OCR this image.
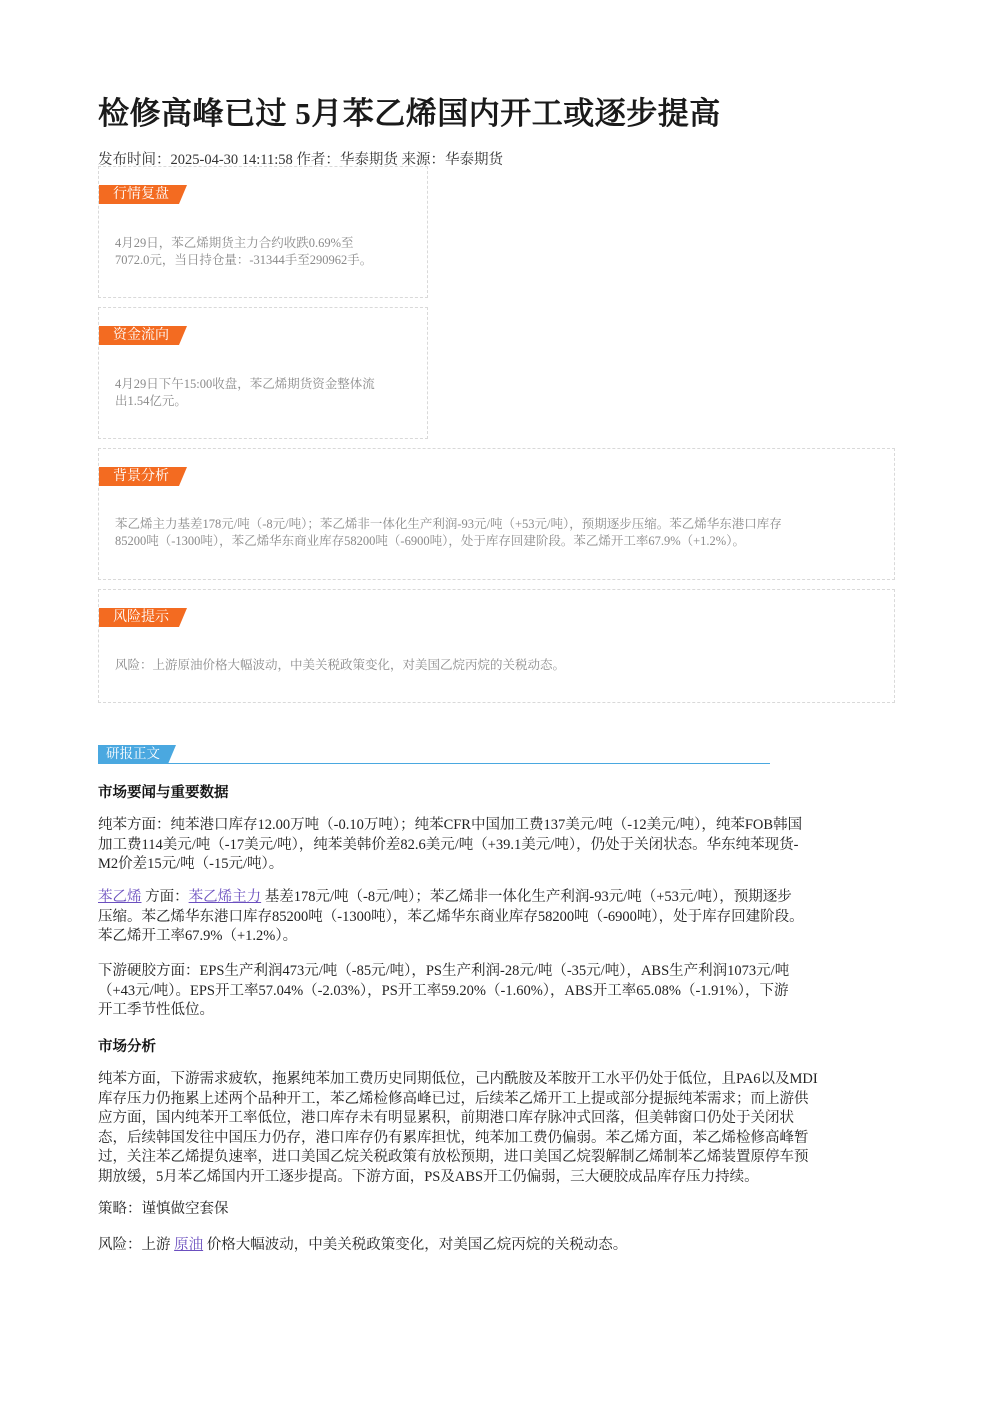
检修高峰已过 5月苯乙烯国内开工或逐步提高
发布时间：2025-04-30 14:11:58 作者：华泰期货 来源：华泰期货
行情复盘
4月29日，苯乙烯期货主力合约收跌0.69%至
7072.0元，当日持仓量：-31344手至290962手。
资金流向
4月29日下午15:00收盘，苯乙烯期货资金整体流
出1.54亿元。
背景分析
苯乙烯主力基差178元/吨（-8元/吨）；苯乙烯非一体化生产利润-93元/吨（+53元/吨），预期逐步压缩。苯乙烯华东港口库存
85200吨（-1300吨），苯乙烯华东商业库存58200吨（-6900吨），处于库存回建阶段。苯乙烯开工率67.9%（+1.2%）。
风险提示
风险：上游原油价格大幅波动，中美关税政策变化，对美国乙烷丙烷的关税动态。
研报正文
市场要闻与重要数据
纯苯方面：纯苯港口库存12.00万吨（-0.10万吨）；纯苯CFR中国加工费137美元/吨（-12美元/吨），纯苯FOB韩国
加工费114美元/吨（-17美元/吨），纯苯美韩价差82.6美元/吨（+39.1美元/吨），仍处于关闭状态。华东纯苯现货-
M2价差15元/吨（-15元/吨）。
苯乙烯 方面：苯乙烯主力 基差178元/吨（-8元/吨）；苯乙烯非一体化生产利润-93元/吨（+53元/吨），预期逐步
压缩。苯乙烯华东港口库存85200吨（-1300吨），苯乙烯华东商业库存58200吨（-6900吨），处于库存回建阶段。
苯乙烯开工率67.9%（+1.2%）。
下游硬胶方面：EPS生产利润473元/吨（-85元/吨），PS生产利润-28元/吨（-35元/吨），ABS生产利润1073元/吨
（+43元/吨）。EPS开工率57.04%（-2.03%），PS开工率59.20%（-1.60%），ABS开工率65.08%（-1.91%），下游
开工季节性低位。
市场分析
纯苯方面，下游需求疲软，拖累纯苯加工费历史同期低位，己内酰胺及苯胺开工水平仍处于低位，且PA6以及MDI
库存压力仍拖累上述两个品种开工，苯乙烯检修高峰已过，后续苯乙烯开工上提或部分提振纯苯需求；而上游供
应方面，国内纯苯开工率低位，港口库存未有明显累积，前期港口库存脉冲式回落，但美韩窗口仍处于关闭状
态，后续韩国发往中国压力仍存，港口库存仍有累库担忧，纯苯加工费仍偏弱。苯乙烯方面，苯乙烯检修高峰暂
过，关注苯乙烯提负速率，进口美国乙烷关税政策有放松预期，进口美国乙烷裂解制乙烯制苯乙烯装置原停车预
期放缓，5月苯乙烯国内开工逐步提高。下游方面，PS及ABS开工仍偏弱，三大硬胶成品库存压力持续。
策略：谨慎做空套保
风险：上游 原油 价格大幅波动，中美关税政策变化，对美国乙烷丙烷的关税动态。
